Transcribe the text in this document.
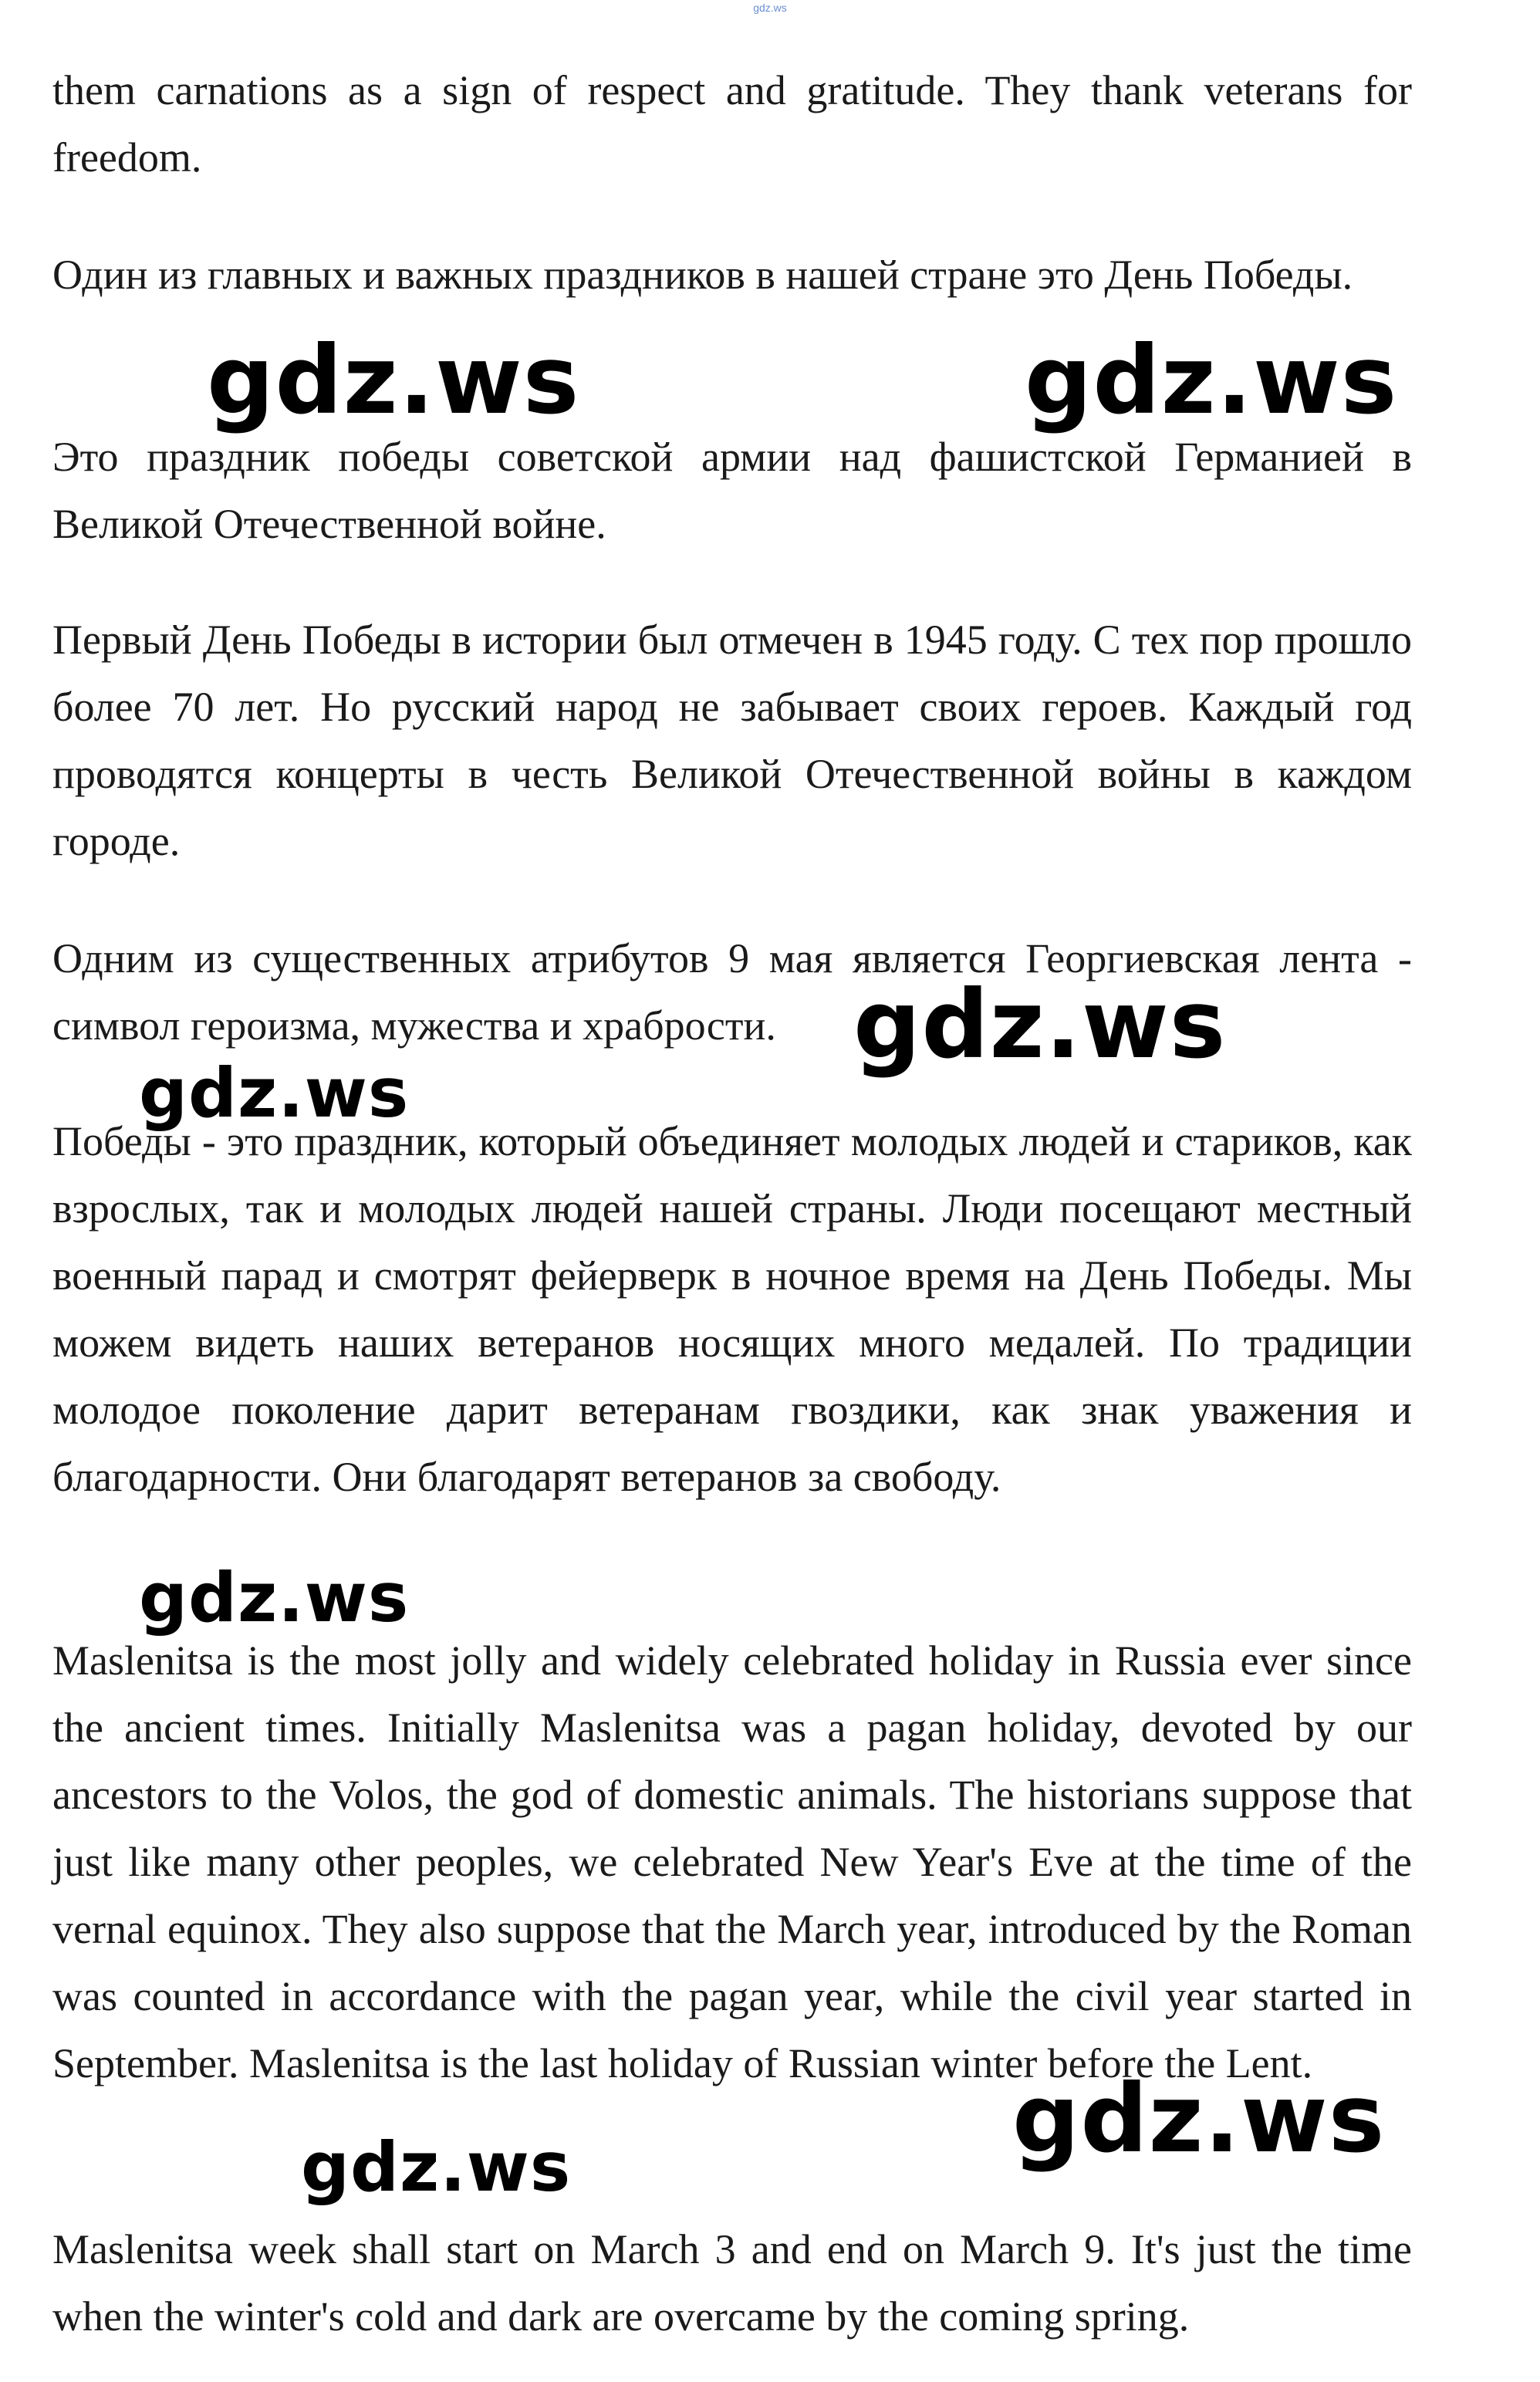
gdz.ws

them carnations as a sign of respect and gratitude. They thank veterans for freedom.

Один из главных и важных праздников в нашей стране это День Победы.

Это праздник победы советской армии над фашистской Германией в Великой Отечественной войне.

Первый День Победы в истории был отмечен в 1945 году. С тех пор прошло более 70 лет. Но русский народ не забывает своих героев. Каждый год проводятся концерты в честь Великой Отечественной войны в каждом городе.

Одним из существенных атрибутов 9 мая является Георгиевская лента - символ героизма, мужества и храбрости.

Победы - это праздник, который объединяет молодых людей и стариков, как взрослых, так и молодых людей нашей страны. Люди посещают местный военный парад и смотрят фейерверк в ночное время на День Победы. Мы можем видеть наших ветеранов носящих много медалей. По традиции молодое поколение дарит ветеранам гвоздики, как знак уважения и благодарности. Они благодарят ветеранов за свободу.

Maslenitsa is the most jolly and widely celebrated holiday in Russia ever since the ancient times. Initially Maslenitsa was a pagan holiday, devoted by our ancestors to the Volos, the god of domestic animals. The historians suppose that just like many other peoples, we celebrated New Year's Eve at the time of the vernal equinox. They also suppose that the March year, introduced by the Roman was counted in accordance with the pagan year, while the civil year started in September. Maslenitsa is the last holiday of Russian winter before the Lent.

Maslenitsa week shall start on March 3 and end on March 9. It's just the time when the winter's cold and dark are overcame by the coming spring.

gdz.ws	gdz.ws
gdz.ws
gdz.ws
gdz.ws
gdz.ws
gdz.ws
